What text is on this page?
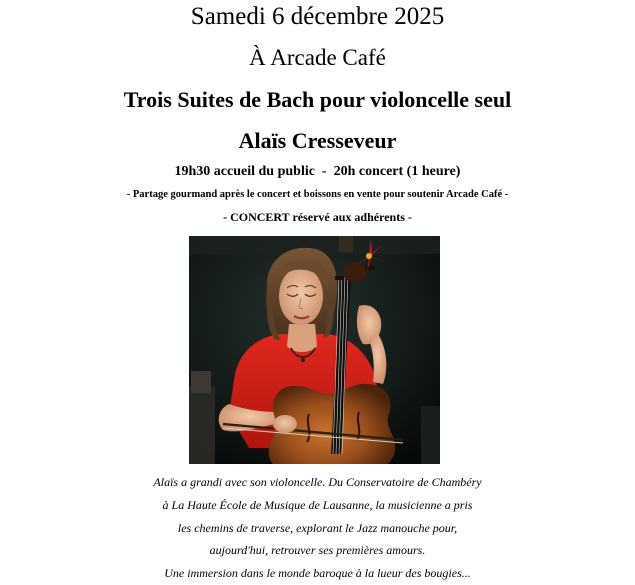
Samedi 6 décembre 2025
À Arcade Café
Trois Suites de Bach pour violoncelle seul
Alaïs Cresseveur
19h30 accueil du public  -  20h concert (1 heure)
- Partage gourmand après le concert et boissons en vente pour soutenir Arcade Café -
- CONCERT réservé aux adhérents -
Alaïs a grandi avec son violoncelle. Du Conservatoire de Chambéry
à La Haute École de Musique de Lausanne, la musicienne a pris
les chemins de traverse, explorant le Jazz manouche pour,
aujourd'hui, retrouver ses premières amours.
Une immersion dans le monde baroque à la lueur des bougies...
